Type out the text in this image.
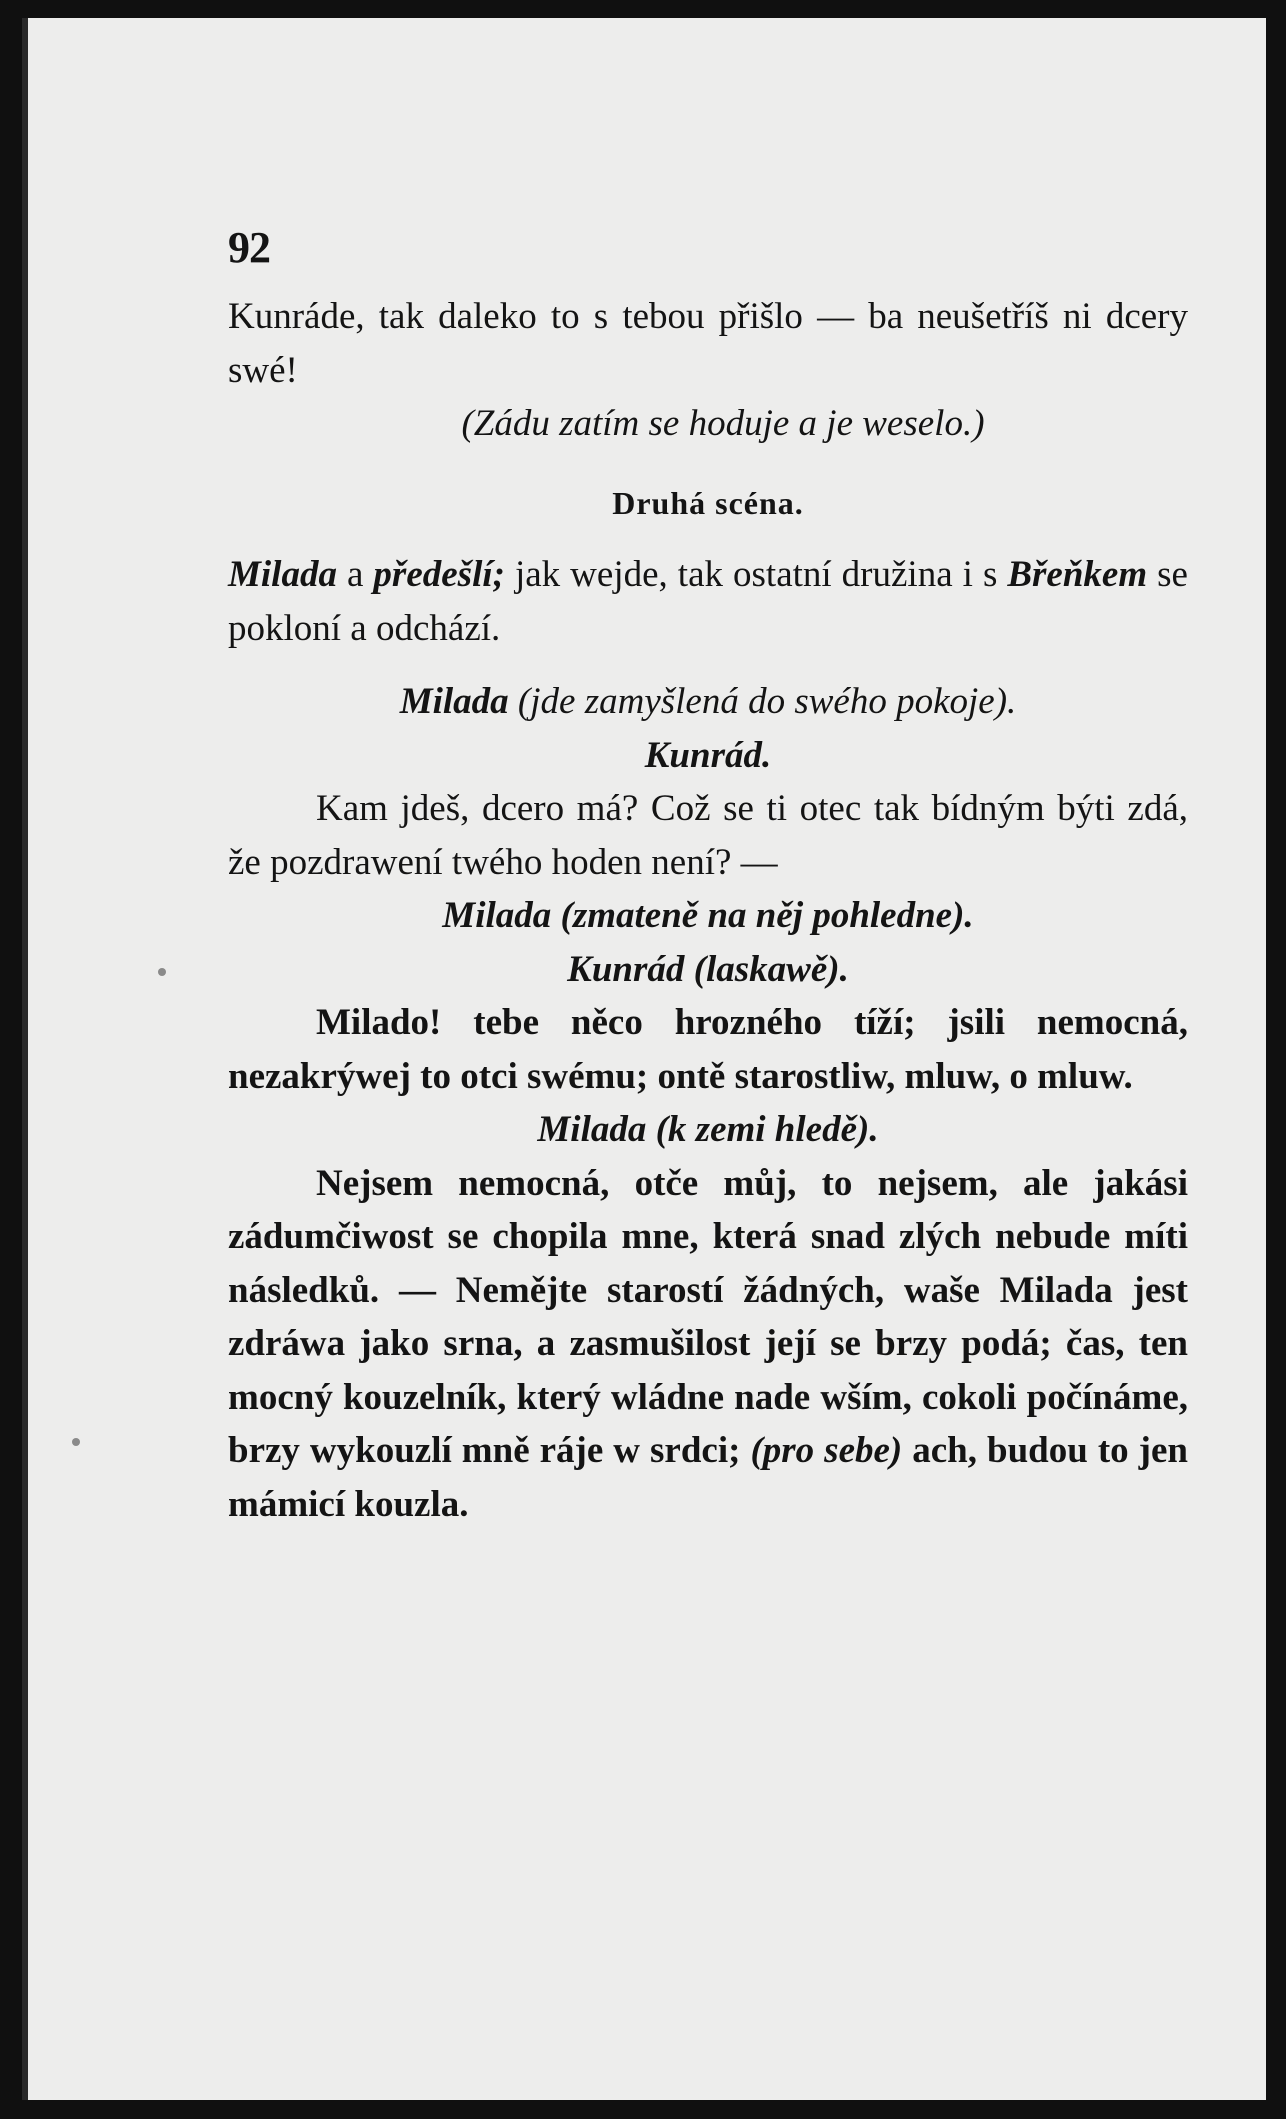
92

Kunráde, tak daleko to s tebou přišlo — ba neušetříš ni dcery swé!

(Zádu zatím se hoduje a je weselo.)

Druhá scéna.

Milada a předešlí; jak wejde, tak ostatní družina i s Břeňkem se pokloní a odchází.

Milada (jde zamyšlená do swého pokoje).

Kunrád.

Kam jdeš, dcero má? Což se ti otec tak bídným býti zdá, že pozdrawení twého hoden není? —

Milada (zmateně na něj pohledne).

Kunrád (laskawě).

Milado! tebe něco hrozného tíží; jsili nemocná, nezakrýwej to otci swému; ontě starostliw, mluw, o mluw.

Milada (k zemi hledě).

Nejsem nemocná, otče můj, to nejsem, ale jakási zádumčiwost se chopila mne, která snad zlých nebude míti následků. — Nemějte starostí žádných, waše Milada jest zdráwa jako srna, a zasmušilost její se brzy podá; čas, ten mocný kouzelník, který wládne nade wším, cokoli počínáme, brzy wykouzlí mně ráje w srdci; (pro sebe) ach, budou to jen mámicí kouzla.
